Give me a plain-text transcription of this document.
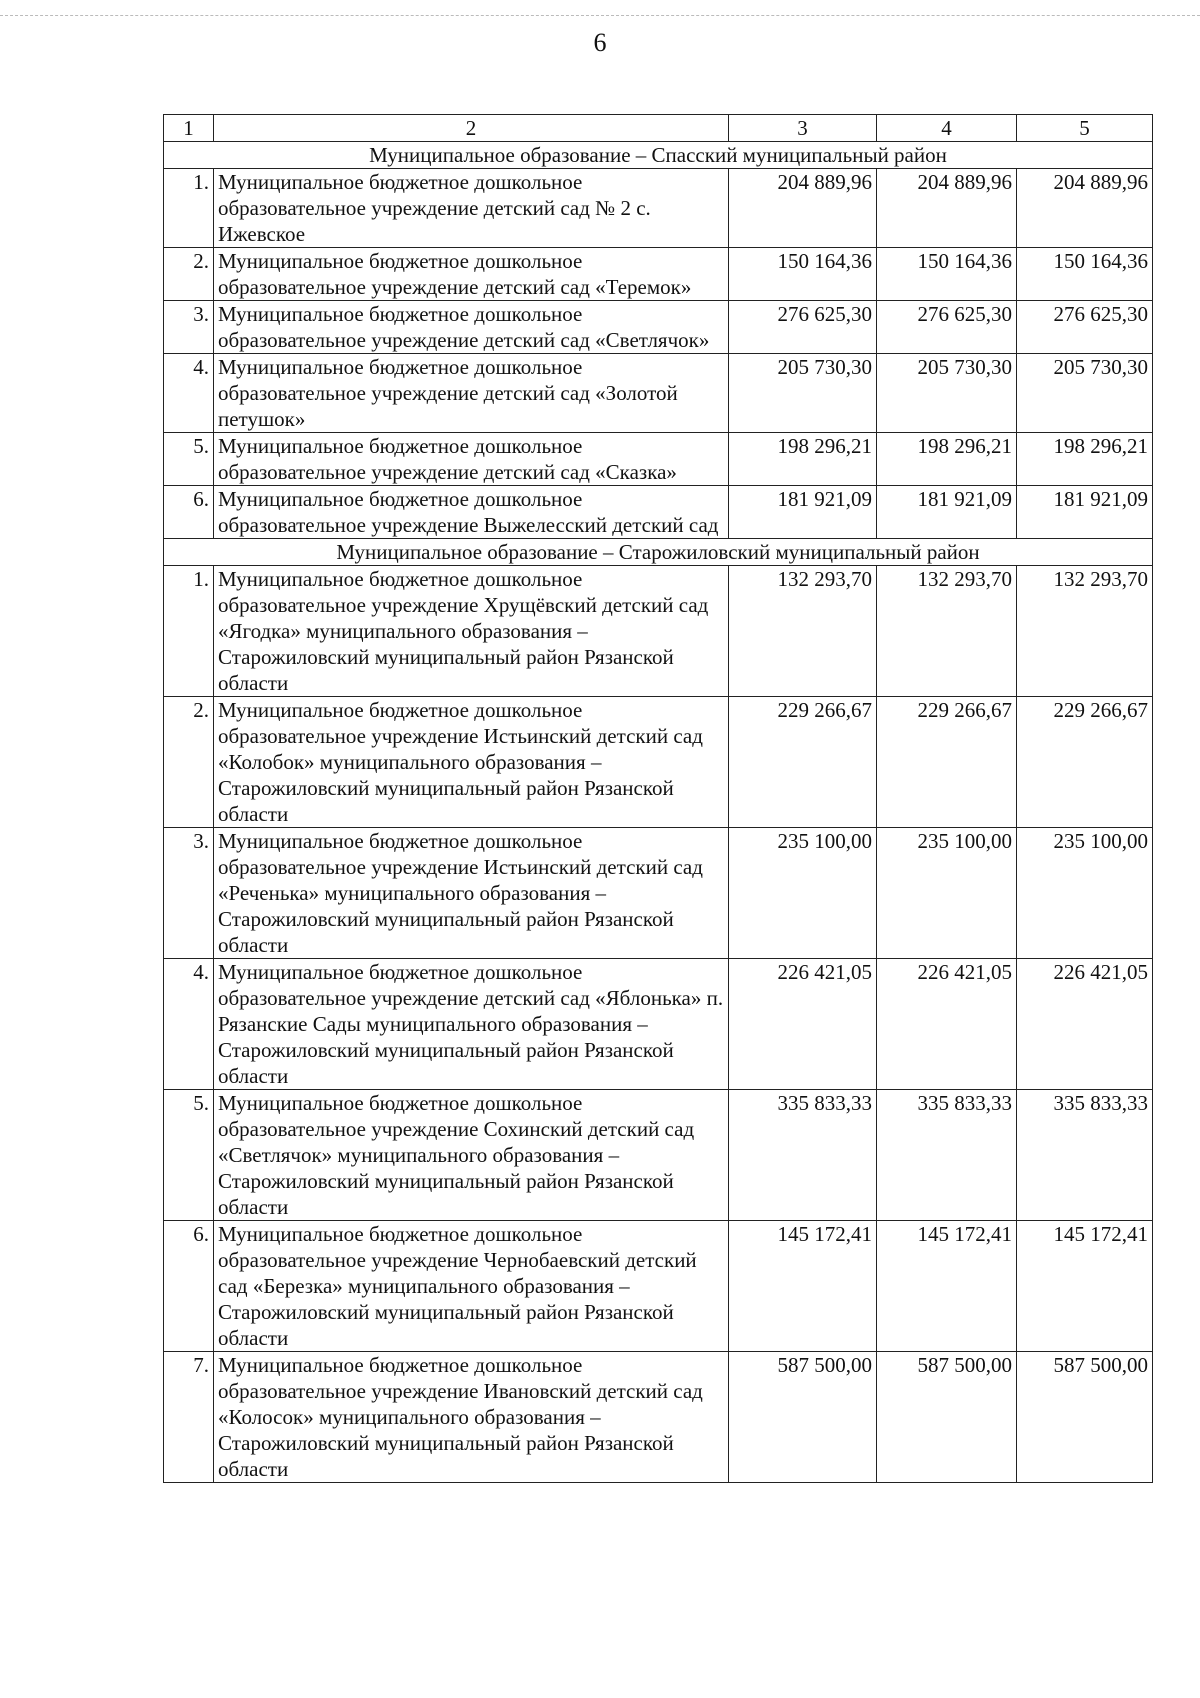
6
1	2	3	4	5
Муниципальное образование – Спасский муниципальный район				
1.	Муниципальное бюджетное дошкольное образовательное учреждение детский сад № 2 с. Ижевское	204 889,96	204 889,96	204 889,96
2.	Муниципальное бюджетное дошкольное образовательное учреждение детский сад «Теремок»	150 164,36	150 164,36	150 164,36
3.	Муниципальное бюджетное дошкольное образовательное учреждение детский сад «Светлячок»	276 625,30	276 625,30	276 625,30
4.	Муниципальное бюджетное дошкольное образовательное учреждение детский сад «Золотой петушок»	205 730,30	205 730,30	205 730,30
5.	Муниципальное бюджетное дошкольное образовательное учреждение детский сад «Сказка»	198 296,21	198 296,21	198 296,21
6.	Муниципальное бюджетное дошкольное образовательное учреждение Выжелесский детский сад	181 921,09	181 921,09	181 921,09
Муниципальное образование – Старожиловский муниципальный район				
1.	Муниципальное бюджетное дошкольное образовательное учреждение Хрущёвский детский сад «Ягодка» муниципального образования – Старожиловский муниципальный район Рязанской области	132 293,70	132 293,70	132 293,70
2.	Муниципальное бюджетное дошкольное образовательное учреждение Истьинский детский сад «Колобок» муниципального образования – Старожиловский муниципальный район Рязанской области	229 266,67	229 266,67	229 266,67
3.	Муниципальное бюджетное дошкольное образовательное учреждение Истьинский детский сад «Реченька» муниципального образования – Старожиловский муниципальный район Рязанской области	235 100,00	235 100,00	235 100,00
4.	Муниципальное бюджетное дошкольное образовательное учреждение детский сад «Яблонька» п. Рязанские Сады муниципального образования – Старожиловский муниципальный район Рязанской области	226 421,05	226 421,05	226 421,05
5.	Муниципальное бюджетное дошкольное образовательное учреждение Сохинский детский сад «Светлячок» муниципального образования – Старожиловский муниципальный район Рязанской области	335 833,33	335 833,33	335 833,33
6.	Муниципальное бюджетное дошкольное образовательное учреждение Чернобаевский детский сад «Березка» муниципального образования – Старожиловский муниципальный район Рязанской области	145 172,41	145 172,41	145 172,41
7.	Муниципальное бюджетное дошкольное образовательное учреждение Ивановский детский сад «Колосок» муниципального образования – Старожиловский муниципальный район Рязанской области	587 500,00	587 500,00	587 500,00
